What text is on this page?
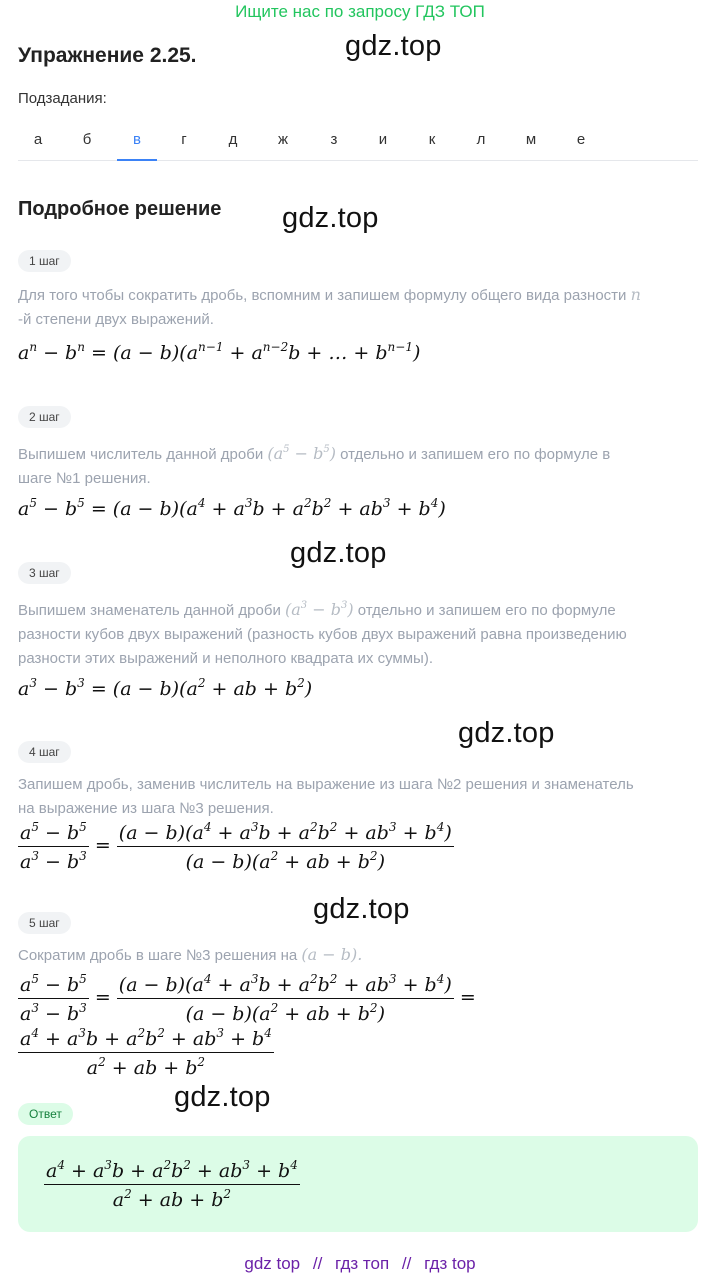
Ищите нас по запросу ГДЗ ТОП
Упражнение 2.25.	gdz.top
Подзадания:
а	б	в	г	д	ж	з	и	к	л	м	е
Подробное решение gdz.top
1 шаг
Для того чтобы сократить дробь, вспомним и запишем формулу общего вида разности n
-й степени двух выражений.
$a^n - b^n = (a - b)(a^{n-1} + a^{n-2}b$ + … + $b^{n-1}$)
2 шаг
Выпишем числитель данной дроби $(a^5 - b^5)$ отдельно и запишем его по формуле в
шаге №1 решения.
$a^5 - b^5 = (a - b)(a^4 + a^3b + a^2b^2 + ab^3 + b^4)$
gdz.top
3 шаг
Выпишем знаменатель данной дроби $(a^3 - b^3)$ отдельно и запишем его по формуле
разности кубов двух выражений (разность кубов двух выражений равна произведению
разности этих выражений и неполного квадрата их суммы).
$a^3 - b^3 = (a - b)(a^2$ + ab + $b^2$)
gdz.top
4 шаг
Запишем дробь, заменив числитель на выражение из шага №2 решения и знаменатель
на выражение из шага №3 решения.
$\frac{a^5 - b^5}{a^3 - b^3} = \frac{(a - b)(a^4 + a^3b + a^2b^2 + ab^3 + b^4)}{(a - b)(a^2 + ab + b^2)}$
gdz.top
5 шаг
Сократим дробь в шаге №3 решения на (a − b).
$\frac{a^5 - b^5}{a^3 - b^3} = \frac{(a - b)(a^4 + a^3b + a^2b^2 + ab^3 + b^4)}{(a - b)(a^2 + ab + b^2)}$ =
$\frac{a^4 + a^3b + a^2b^2 + ab^3 + b^4}{a^2 + ab + b^2}$
gdz.top
Ответ
$\frac{a^4 + a^3b + a^2b^2 + ab^3 + b^4}{a^2 + ab + b^2}$
gdz top // гдз топ // гдз top
